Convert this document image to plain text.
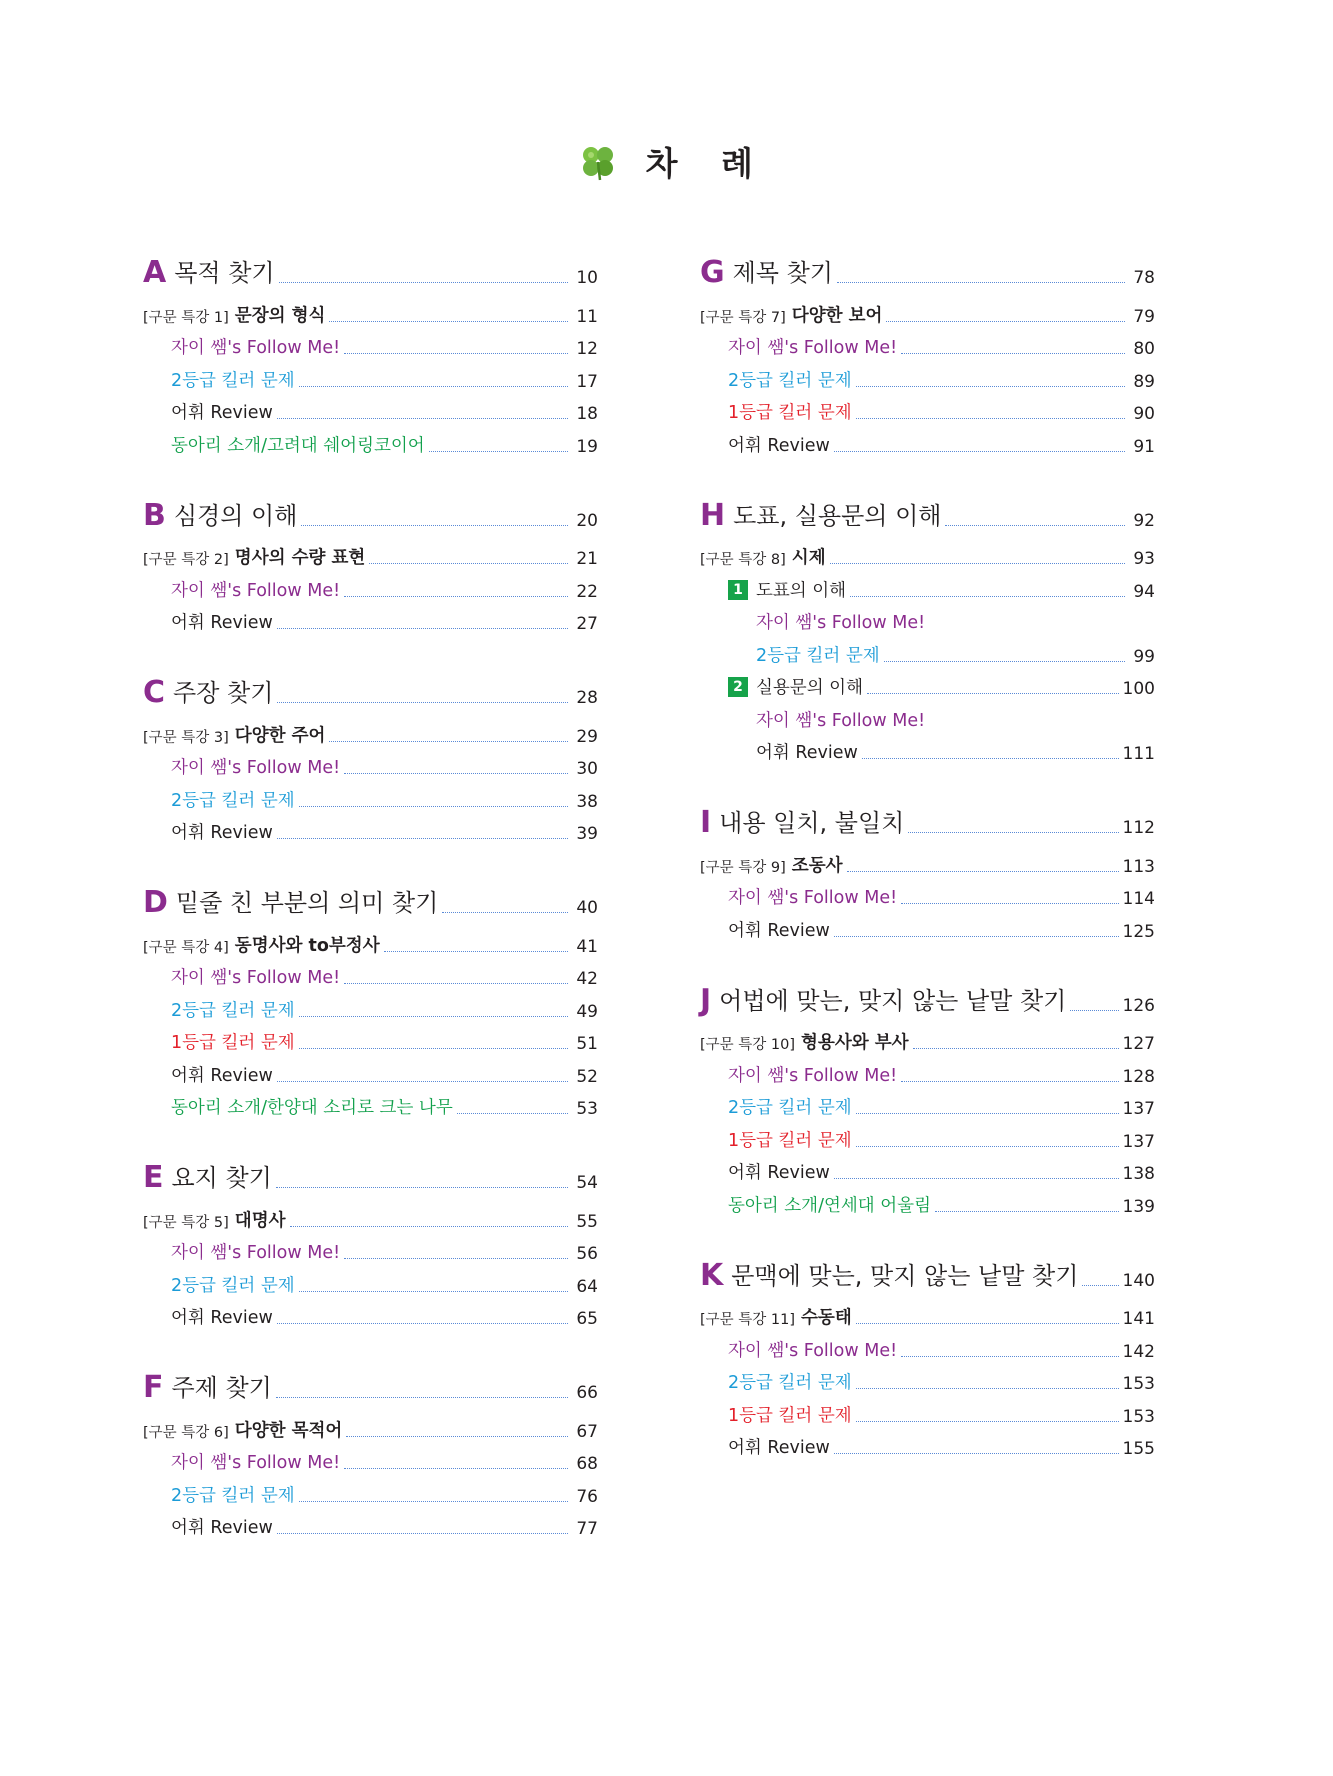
차 례
A 목적 찾기	10
[구문 특강 1] 문장의 형식	11
자이 쌤's Follow Me!	12
2등급 킬러 문제	17
어휘 Review	18
동아리 소개/고려대 쉐어링코이어	19
B 심경의 이해	20
[구문 특강 2] 명사의 수량 표현	21
자이 쌤's Follow Me!	22
어휘 Review	27
C 주장 찾기	28
[구문 특강 3] 다양한 주어	29
자이 쌤's Follow Me!	30
2등급 킬러 문제	38
어휘 Review	39
D 밑줄 친 부분의 의미 찾기	40
[구문 특강 4] 동명사와 to부정사	41
자이 쌤's Follow Me!	42
2등급 킬러 문제	49
1등급 킬러 문제	51
어휘 Review	52
동아리 소개/한양대 소리로 크는 나무	53
E 요지 찾기	54
[구문 특강 5] 대명사	55
자이 쌤's Follow Me!	56
2등급 킬러 문제	64
어휘 Review	65
F 주제 찾기	66
[구문 특강 6] 다양한 목적어	67
자이 쌤's Follow Me!	68
2등급 킬러 문제	76
어휘 Review	77
G 제목 찾기	78
[구문 특강 7] 다양한 보어	79
자이 쌤's Follow Me!	80
2등급 킬러 문제	89
1등급 킬러 문제	90
어휘 Review	91
H 도표, 실용문의 이해	92
[구문 특강 8] 시제	93
1 도표의 이해	94
자이 쌤's Follow Me!
2등급 킬러 문제	99
2 실용문의 이해	100
자이 쌤's Follow Me!
어휘 Review	111
I 내용 일치, 불일치	112
[구문 특강 9] 조동사	113
자이 쌤's Follow Me!	114
어휘 Review	125
J 어법에 맞는, 맞지 않는 낱말 찾기	126
[구문 특강 10] 형용사와 부사	127
자이 쌤's Follow Me!	128
2등급 킬러 문제	137
1등급 킬러 문제	137
어휘 Review	138
동아리 소개/연세대 어울림	139
K 문맥에 맞는, 맞지 않는 낱말 찾기	140
[구문 특강 11] 수동태	141
자이 쌤's Follow Me!	142
2등급 킬러 문제	153
1등급 킬러 문제	153
어휘 Review	155
